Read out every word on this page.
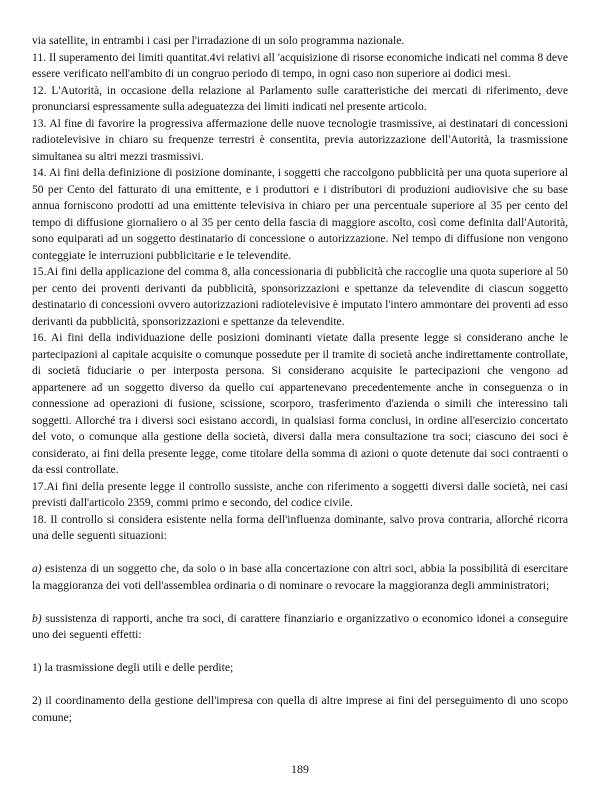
via satellite, in entrambi i casi per l'irradazione di un solo programma nazionale.

11. Il superamento dei limiti quantitat.4vi relativi all 'acquisizione di risorse economiche indicati nel comma 8 deve essere verificato nell'ambito di un congruo periodo di tempo, in ogni caso non superiore ai dodici mesi.

12. L'Autorità, in occasione della relazione al Parlamento sulle caratteristiche dei mercati di riferimento, deve pronunciarsi espressamente sulla adeguatezza dei limiti indicati nel presente articolo.

13. Al fine di favorire la progressiva affermazione delle nuove tecnologie trasmissive, ai destinatari di concessioni radiotelevisive in chiaro su frequenze terrestri è consentita, previa autorizzazione dell'Autorità, la trasmissione simultanea su altri mezzi trasmissivi.

14. Ai fini della definizione di posizione dominante, i soggetti che raccolgono pubblicità per una quota superiore al 50 per Cento del fatturato di una emittente, e i produttori e i distributori di produzioni audiovisive che su base annua forniscono prodotti ad una emittente televisiva in chiaro per una percentuale superiore al 35 per cento del tempo di diffusione giornaliero o al 35 per cento della fascia di maggiore ascolto, così come definita dall'Autorità, sono equiparati ad un soggetto destinatario di concessione o autorizzazione. Nel tempo di diffusione non vengono conteggiate le interruzioni pubblicitarie e le televendite.

15.Ai fini della applicazione del comma 8, alla concessionaria di pubblicità che raccoglie una quota superiore al 50 per cento dei proventi derivanti da pubblicità, sponsorizzazioni e spettanze da televendite di ciascun soggetto destinatario di concessioni ovvero autorizzazioni radiotelevisive è imputato l'intero ammontare dei proventi ad esso derivanti da pubblicità, sponsorizzazioni e spettanze da televendite.

16. Ai fini della individuazione delle posizioni dominanti vietate dalla presente legge si considerano anche le partecipazioni al capitale acquisite o comunque possedute per il tramite di società anche indirettamente controllate, di società fiduciarie o per interposta persona. Si considerano acquisite le partecipazioni che vengono ad appartenere ad un soggetto diverso da quello cui appartenevano precedentemente anche in conseguenza o in connessione ad operazioni di fusione, scissione, scorporo, trasferimento d'azienda o simili che interessino tali soggetti. Allorché tra i diversi soci esistano accordi, in qualsiasi forma conclusi, in ordine all'esercizio concertato del voto, o comunque alla gestione della società, diversi dalla mera consultazione tra soci; ciascuno dei soci è considerato, ai fini della presente legge, come titolare della somma di azioni o quote detenute dai soci contraenti o da essi controllate.

17.Ai fini della presente legge il controllo sussiste, anche con riferimento a soggetti diversi dalle società, nei casi previsti dall'articolo 2359, commi primo e secondo, del codice civile.

18. Il controllo si considera esistente nella forma dell'influenza dominante, salvo prova contraria, allorché ricorra una delle seguenti situazioni:

a) esistenza di un soggetto che, da solo o in base alla concertazione con altri soci, abbia la possibilità di esercitare la maggioranza dei voti dell'assemblea ordinaria o di nominare o revocare la maggioranza degli amministratori;

b) sussistenza di rapporti, anche tra soci, di carattere finanziario e organizzativo o economico idonei a conseguire uno dei seguenti effetti:

1) la trasmissione degli utili e delle perdite;

2) il coordinamento della gestione dell'impresa con quella di altre imprese ai fini del perseguimento di uno scopo comune;

189
